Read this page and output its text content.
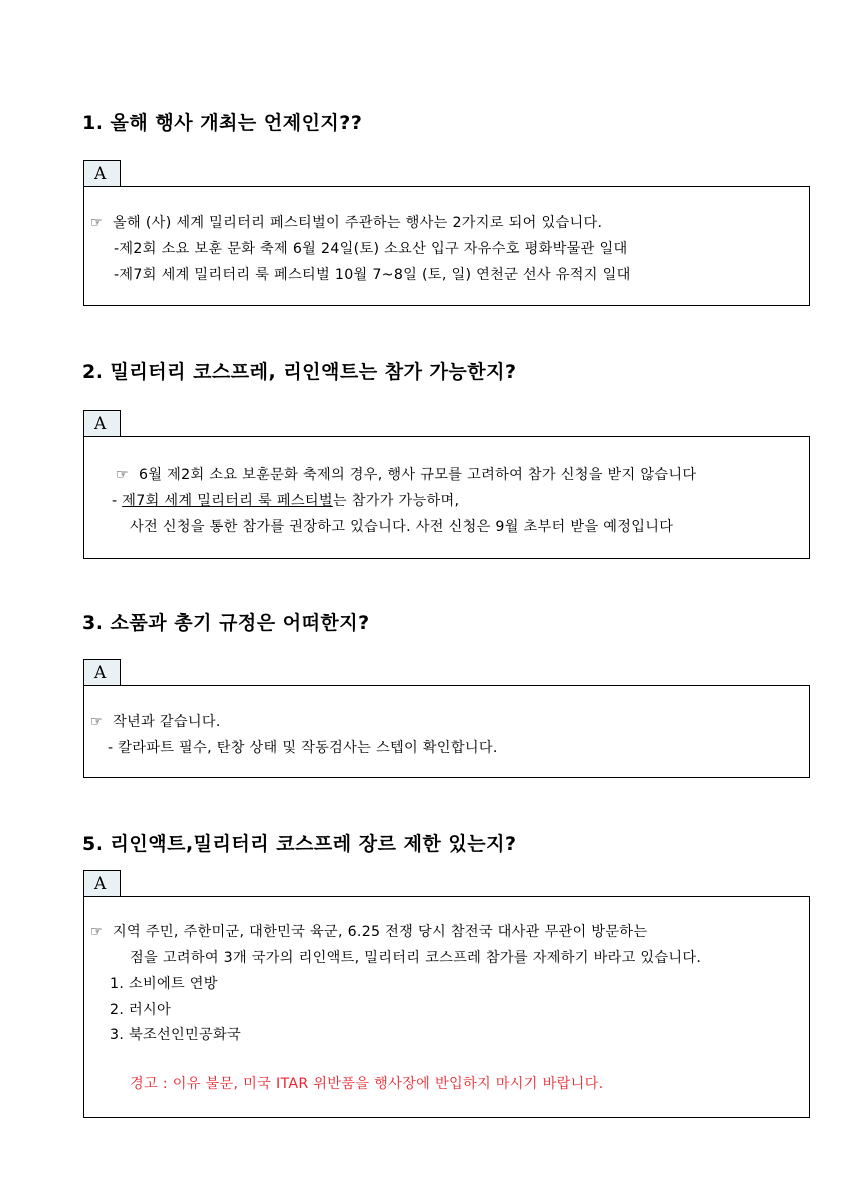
1. 올해 행사 개최는 언제인지??
A
☞ 올해 (사) 세계 밀리터리 페스티벌이 주관하는 행사는 2가지로 되어 있습니다.
-제2회 소요 보훈 문화 축제 6월 24일(토) 소요산 입구 자유수호 평화박물관 일대
-제7회 세계 밀리터리 룩 페스티벌 10월 7~8일 (토, 일) 연천군 선사 유적지 일대
2. 밀리터리 코스프레, 리인액트는 참가 가능한지?
A
☞ 6월 제2회 소요 보훈문화 축제의 경우, 행사 규모를 고려하여 참가 신청을 받지 않습니다
- 제7회 세계 밀리터리 룩 페스티벌는 참가가 가능하며,
사전 신청을 통한 참가를 권장하고 있습니다. 사전 신청은 9월 초부터 받을 예정입니다
3. 소품과 총기 규정은 어떠한지?
A
☞ 작년과 같습니다.
- 칼라파트 필수, 탄창 상태 및 작동검사는 스텝이 확인합니다.
5. 리인액트,밀리터리 코스프레 장르 제한 있는지?
A
☞ 지역 주민, 주한미군, 대한민국 육군, 6.25 전쟁 당시 참전국 대사관 무관이 방문하는
점을 고려하여 3개 국가의 리인액트, 밀리터리 코스프레 참가를 자제하기 바라고 있습니다.
1. 소비에트 연방
2. 러시아
3. 북조선인민공화국
경고 : 이유 불문, 미국 ITAR 위반품을 행사장에 반입하지 마시기 바랍니다.
